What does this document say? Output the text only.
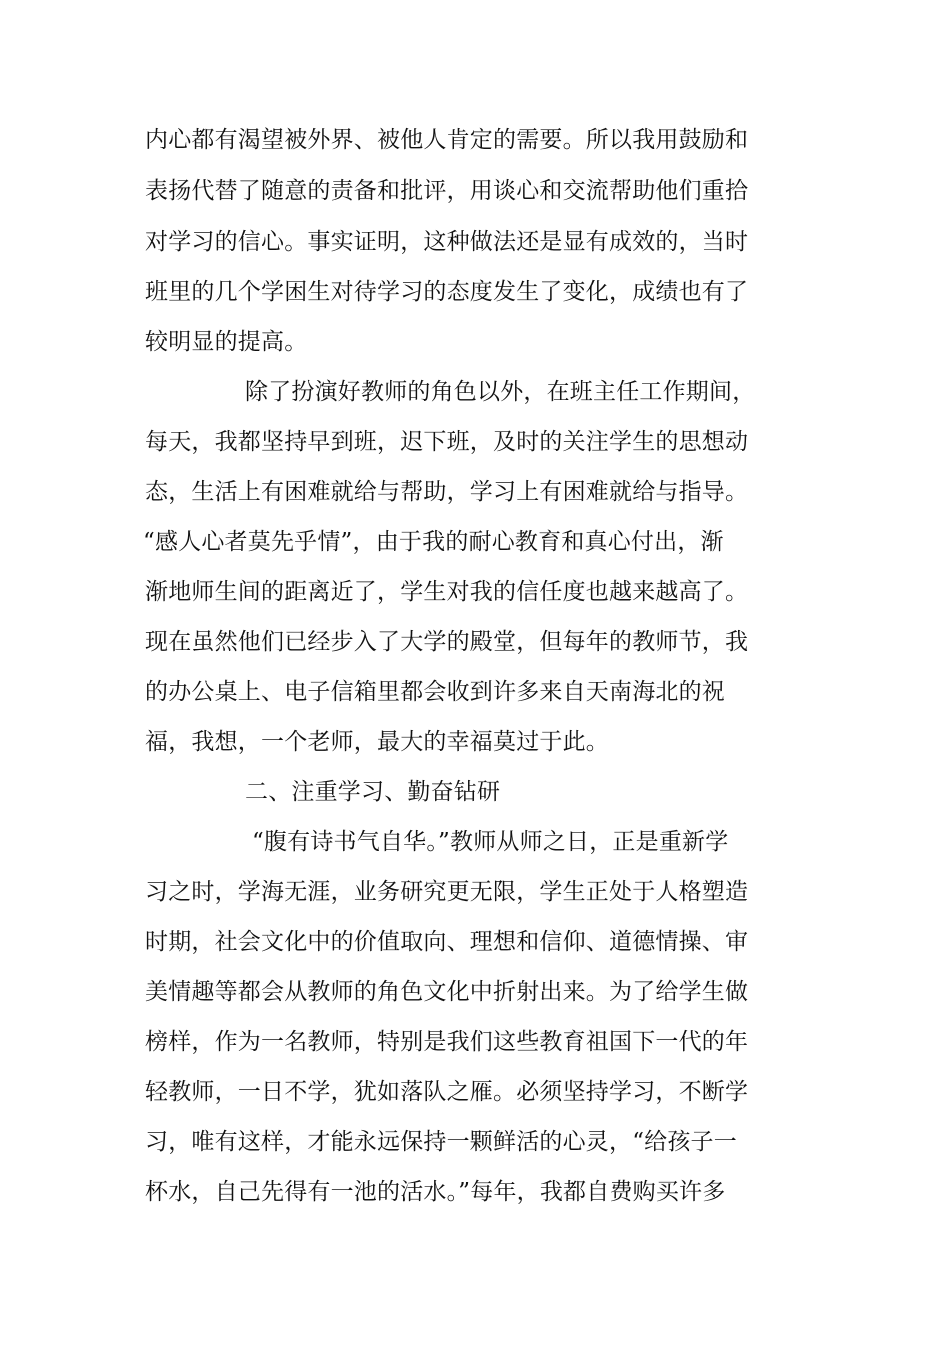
内心都有渴望被外界、被他人肯定的需要。所以我用鼓励和
表扬代替了随意的责备和批评，用谈心和交流帮助他们重拾
对学习的信心。事实证明，这种做法还是显有成效的，当时
班里的几个学困生对待学习的态度发生了变化，成绩也有了
较明显的提高。
除了扮演好教师的角色以外，在班主任工作期间，
每天，我都坚持早到班，迟下班，及时的关注学生的思想动
态，生活上有困难就给与帮助，学习上有困难就给与指导。
“感人心者莫先乎情”，由于我的耐心教育和真心付出，渐
渐地师生间的距离近了，学生对我的信任度也越来越高了。
现在虽然他们已经步入了大学的殿堂，但每年的教师节，我
的办公桌上、电子信箱里都会收到许多来自天南海北的祝
福，我想，一个老师，最大的幸福莫过于此。
二、注重学习、勤奋钻研
“腹有诗书气自华。”教师从师之日，正是重新学
习之时，学海无涯，业务研究更无限，学生正处于人格塑造
时期，社会文化中的价值取向、理想和信仰、道德情操、审
美情趣等都会从教师的角色文化中折射出来。为了给学生做
榜样，作为一名教师，特别是我们这些教育祖国下一代的年
轻教师，一日不学，犹如落队之雁。必须坚持学习，不断学
习，唯有这样，才能永远保持一颗鲜活的心灵，“给孩子一
杯水，自己先得有一池的活水。”每年，我都自费购买许多
